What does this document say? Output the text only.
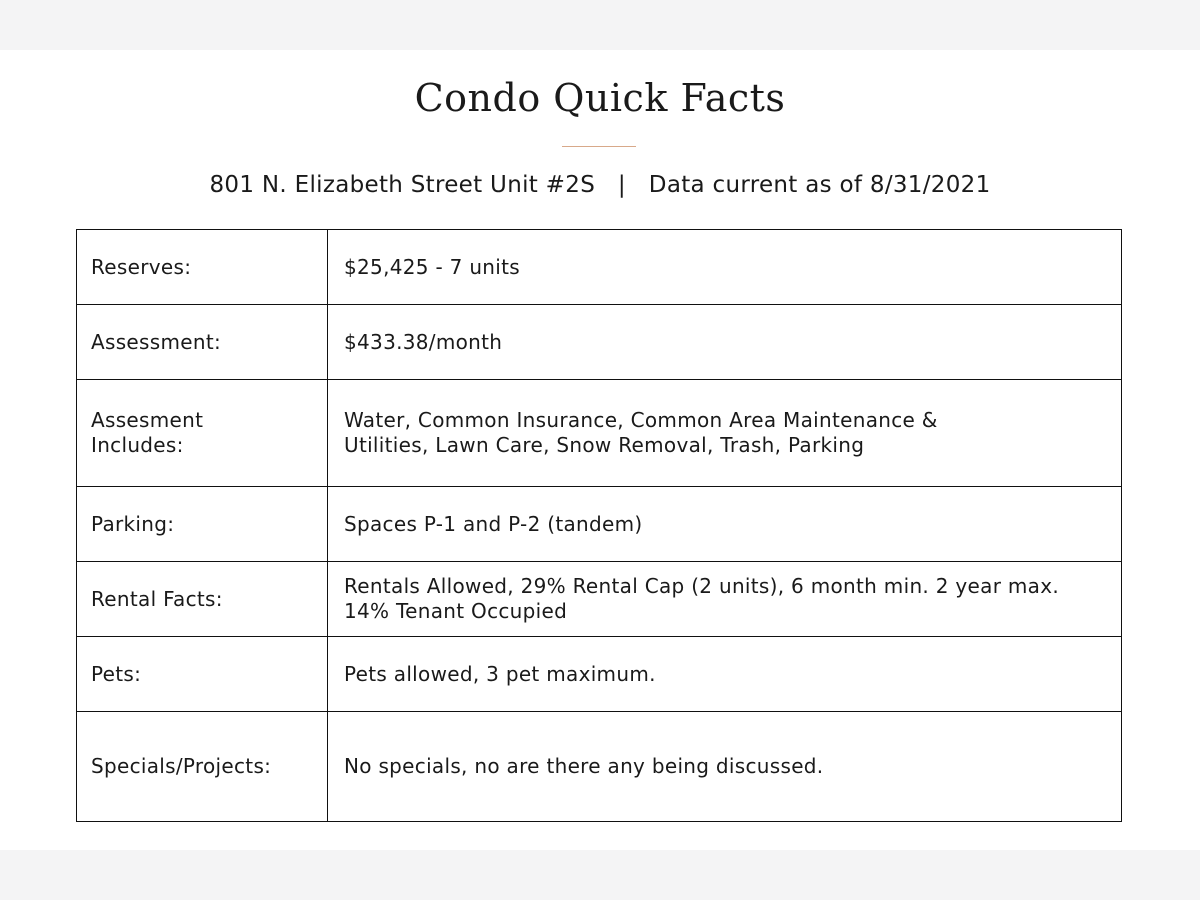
Condo Quick Facts
801 N. Elizabeth Street Unit #2S   |   Data current as of 8/31/2021
Reserves:	$25,425 - 7 units
Assessment:	$433.38/month
Assesment
Includes:	Water, Common Insurance, Common Area Maintenance &
Utilities, Lawn Care, Snow Removal, Trash, Parking
Parking:	Spaces P-1 and P-2 (tandem)
Rental Facts:	Rentals Allowed, 29% Rental Cap (2 units), 6 month min. 2 year max.
14% Tenant Occupied
Pets:	Pets allowed, 3 pet maximum.
Specials/Projects:	No specials, no are there any being discussed.
